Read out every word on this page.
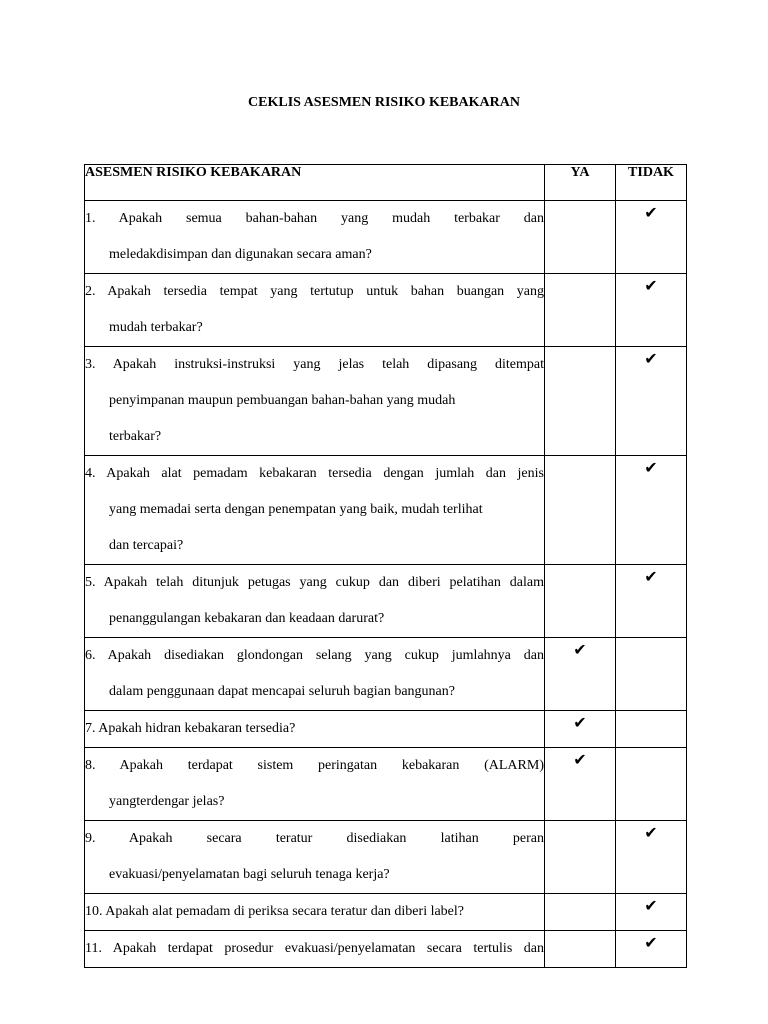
CEKLIS ASESMEN RISIKO KEBAKARAN
ASESMEN RISIKO KEBAKARAN	YA	TIDAK

1. Apakah semua bahan-bahan yang mudah terbakar dan
meledakdisimpan dan digunakan secara aman?		✔

2. Apakah tersedia tempat yang tertutup untuk bahan buangan yang
mudah terbakar?		✔

3. Apakah instruksi-instruksi yang jelas telah dipasang ditempat
penyimpanan maupun pembuangan bahan-bahan yang mudah
terbakar?		✔

4. Apakah alat pemadam kebakaran tersedia dengan jumlah dan jenis
yang memadai serta dengan penempatan yang baik, mudah terlihat
dan tercapai?		✔

5. Apakah telah ditunjuk petugas yang cukup dan diberi pelatihan dalam
penanggulangan kebakaran dan keadaan darurat?		✔

6. Apakah disediakan glondongan selang yang cukup jumlahnya dan
dalam penggunaan dapat mencapai seluruh bagian bangunan?	✔	

7. Apakah hidran kebakaran tersedia?	✔	

8. Apakah terdapat sistem peringatan kebakaran (ALARM)
yangterdengar jelas?	✔	

9. Apakah secara teratur disediakan latihan peran
evakuasi/penyelamatan bagi seluruh tenaga kerja?		✔

10. Apakah alat pemadam di periksa secara teratur dan diberi label?		✔

11. Apakah terdapat prosedur evakuasi/penyelamatan secara tertulis dan		✔
